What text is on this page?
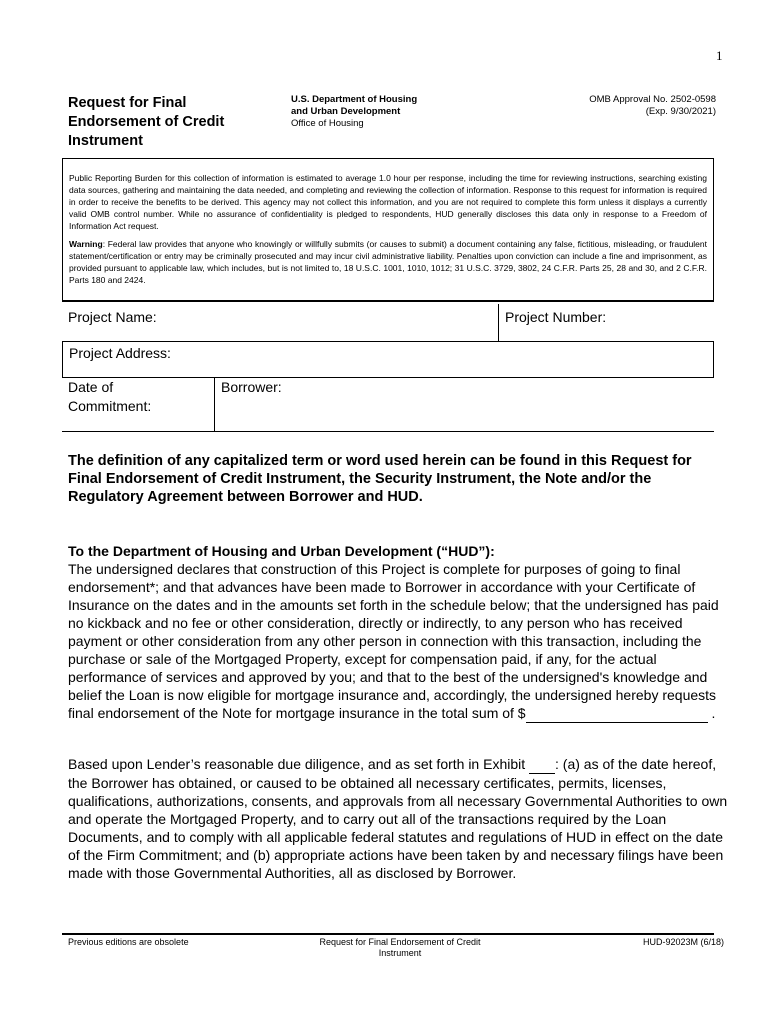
1
Request for Final Endorsement of Credit Instrument
U.S. Department of Housing
and Urban Development
Office of Housing
OMB Approval No. 2502-0598
(Exp. 9/30/2021)

Public Reporting Burden for this collection of information is estimated to average 1.0 hour per response, including the time for reviewing instructions, searching existing data sources, gathering and maintaining the data needed, and completing and reviewing the collection of information. Response to this request for information is required in order to receive the benefits to be derived. This agency may not collect this information, and you are not required to complete this form unless it displays a currently valid OMB control number. While no assurance of confidentiality is pledged to respondents, HUD generally discloses this data only in response to a Freedom of Information Act request.

Warning: Federal law provides that anyone who knowingly or willfully submits (or causes to submit) a document containing any false, fictitious, misleading, or fraudulent statement/certification or entry may be criminally prosecuted and may incur civil administrative liability. Penalties upon conviction can include a fine and imprisonment, as provided pursuant to applicable law, which includes, but is not limited to, 18 U.S.C. 1001, 1010, 1012; 31 U.S.C. 3729, 3802, 24 C.F.R. Parts 25, 28 and 30, and 2 C.F.R. Parts 180 and 2424.

Project Name:	Project Number:
Project Address:
Date of Commitment:
Borrower:
The definition of any capitalized term or word used herein can be found in this Request for Final Endorsement of Credit Instrument, the Security Instrument, the Note and/or the Regulatory Agreement between Borrower and HUD.
To the Department of Housing and Urban Development (“HUD”):
The undersigned declares that construction of this Project is complete for purposes of going to final endorsement*; and that advances have been made to Borrower in accordance with your Certificate of Insurance on the dates and in the amounts set forth in the schedule below; that the undersigned has paid no kickback and no fee or other consideration, directly or indirectly, to any person who has received payment or other consideration from any other person in connection with this transaction, including the purchase or sale of the Mortgaged Property, except for compensation paid, if any, for the actual performance of services and approved by you; and that to the best of the undersigned's knowledge and belief the Loan is now eligible for mortgage insurance and, accordingly, the undersigned hereby requests final endorsement of the Note for mortgage insurance in the total sum of $	.
Based upon Lender’s reasonable due diligence, and as set forth in Exhibit  : (a) as of the date hereof, the Borrower has obtained, or caused to be obtained all necessary certificates, permits, licenses, qualifications, authorizations, consents, and approvals from all necessary Governmental Authorities to own and operate the Mortgaged Property, and to carry out all of the transactions required by the Loan Documents, and to comply with all applicable federal statutes and regulations of HUD in effect on the date of the Firm Commitment; and (b) appropriate actions have been taken by and necessary filings have been made with those Governmental Authorities, all as disclosed by Borrower.
Previous editions are obsolete	Request for Final Endorsement of Credit Instrument
HUD-92023M (6/18)
